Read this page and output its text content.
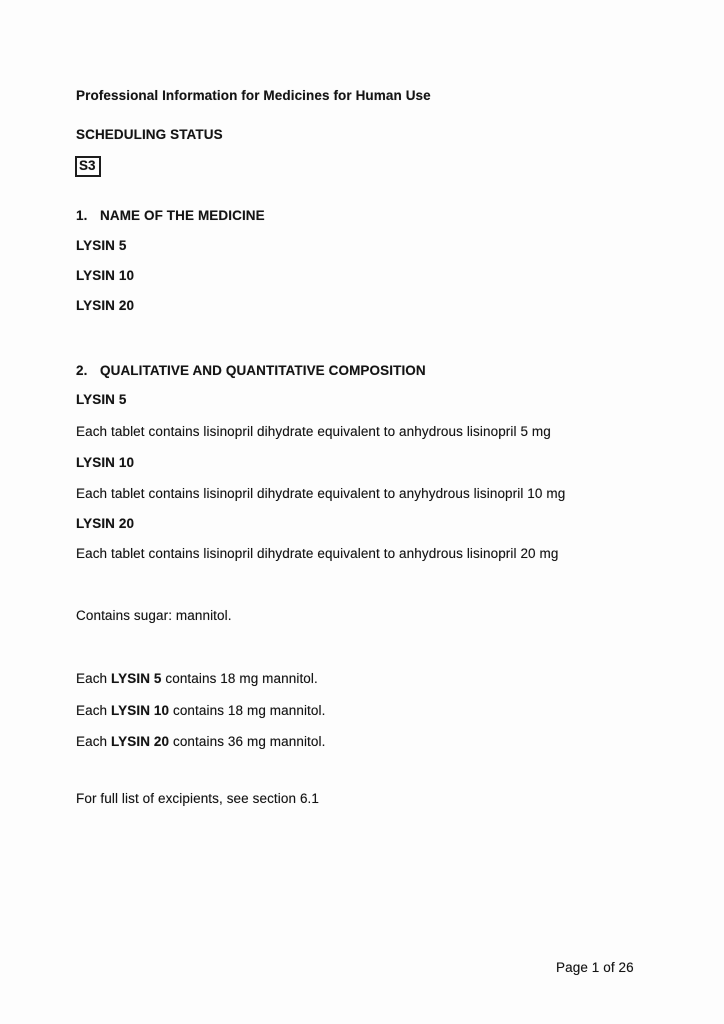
Professional Information for Medicines for Human Use

SCHEDULING STATUS

S3

1. NAME OF THE MEDICINE

LYSIN 5

LYSIN 10

LYSIN 20

2. QUALITATIVE AND QUANTITATIVE COMPOSITION

LYSIN 5

Each tablet contains lisinopril dihydrate equivalent to anhydrous lisinopril 5 mg

LYSIN 10

Each tablet contains lisinopril dihydrate equivalent to anyhydrous lisinopril 10 mg

LYSIN 20

Each tablet contains lisinopril dihydrate equivalent to anhydrous lisinopril 20 mg

Contains sugar: mannitol.

Each LYSIN 5 contains 18 mg mannitol.

Each LYSIN 10 contains 18 mg mannitol.

Each LYSIN 20 contains 36 mg mannitol.

For full list of excipients, see section 6.1

Page 1 of 26
